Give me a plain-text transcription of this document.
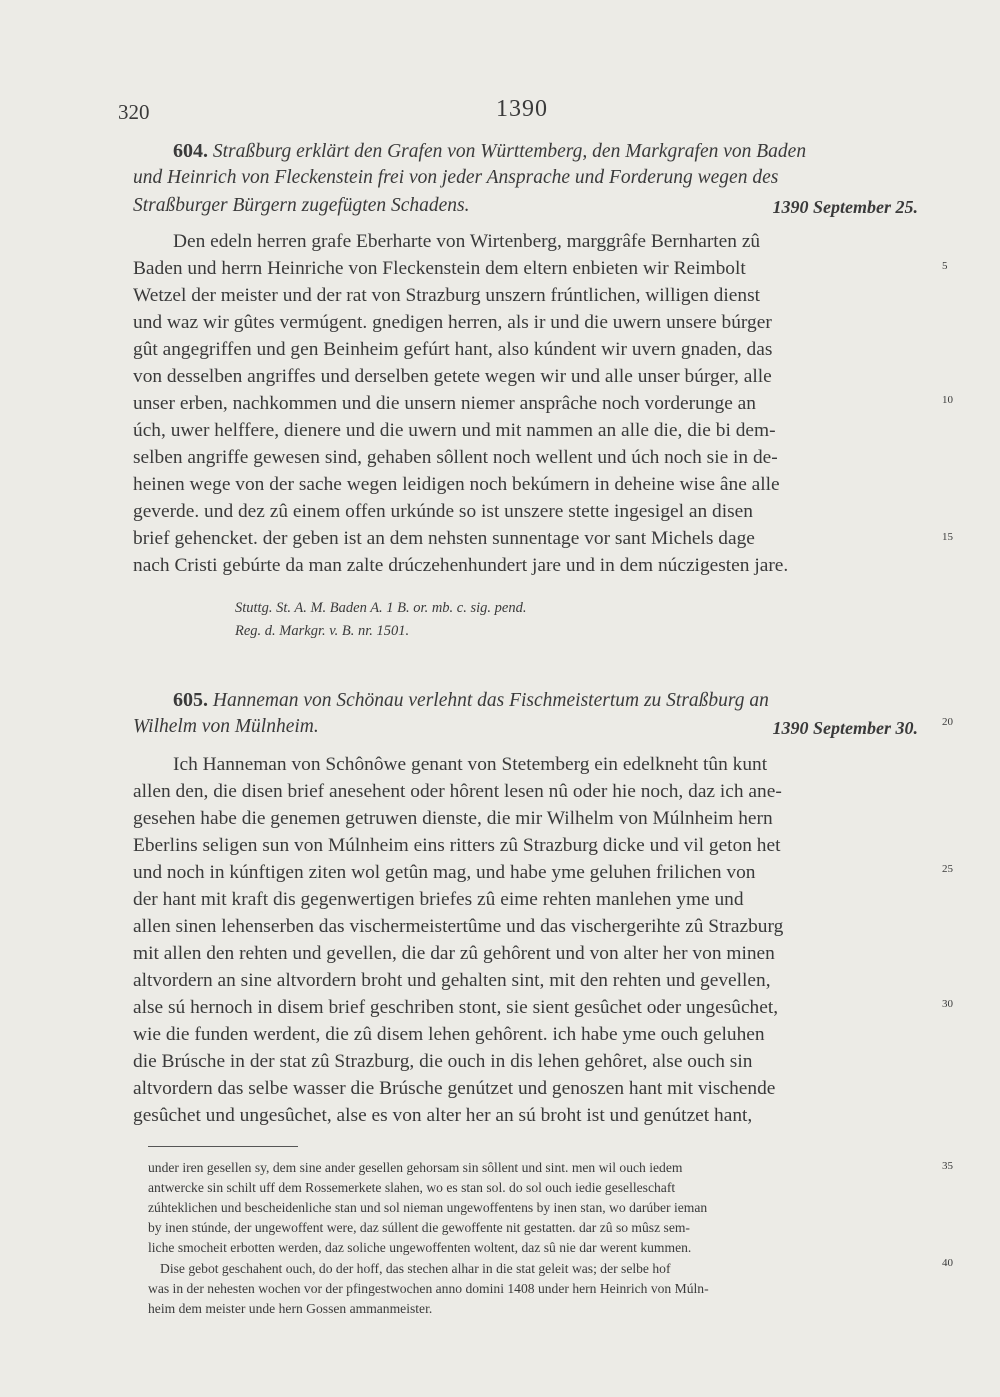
320	1390
604. Straßburg erklärt den Grafen von Württemberg, den Markgrafen von Baden
und Heinrich von Fleckenstein frei von jeder Ansprache und Forderung wegen des
Straßburger Bürgern zugefügten Schadens.	1390 September 25.
Den edeln herren grafe Eberharte von Wirtenberg, marggrâfe Bernharten zû
Baden und herrn Heinriche von Fleckenstein dem eltern enbieten wir Reimbolt
Wetzel der meister und der rat von Strazburg unszern frúntlichen, willigen dienst
und waz wir gûtes vermúgent. gnedigen herren, als ir und die uwern unsere búrger
gût angegriffen und gen Beinheim gefúrt hant, also kúndent wir uvern gnaden, das
von desselben angriffes und derselben getete wegen wir und alle unser búrger, alle
unser erben, nachkommen und die unsern niemer ansprâche noch vorderunge an
úch, uwer helffere, dienere und die uwern und mit nammen an alle die, die bi dem-
selben angriffe gewesen sind, gehaben sôllent noch wellent und úch noch sie in de-
heinen wege von der sache wegen leidigen noch bekúmern in deheine wise âne alle
geverde. und dez zû einem offen urkúnde so ist unszere stette ingesigel an disen
brief gehencket. der geben ist an dem nehsten sunnentage vor sant Michels dage
nach Cristi gebúrte da man zalte drúczehenhundert jare und in dem núczigesten jare.
Stuttg. St. A. M. Baden A. 1 B. or. mb. c. sig. pend.
Reg. d. Markgr. v. B. nr. 1501.
605. Hanneman von Schönau verlehnt das Fischmeistertum zu Straßburg an
Wilhelm von Mülnheim.	1390 September 30.
Ich Hanneman von Schônôwe genant von Stetemberg ein edelkneht tûn kunt
allen den, die disen brief anesehent oder hôrent lesen nû oder hie noch, daz ich ane-
gesehen habe die genemen getruwen dienste, die mir Wilhelm von Múlnheim hern
Eberlins seligen sun von Múlnheim eins ritters zû Strazburg dicke und vil geton het
und noch in kúnftigen ziten wol getûn mag, und habe yme geluhen frilichen von
der hant mit kraft dis gegenwertigen briefes zû eime rehten manlehen yme und
allen sinen lehenserben das vischermeistertûme und das vischergerihte zû Strazburg
mit allen den rehten und gevellen, die dar zû gehôrent und von alter her von minen
altvordern an sine altvordern broht und gehalten sint, mit den rehten und gevellen,
alse sú hernoch in disem brief geschriben stont, sie sient gesûchet oder ungesûchet,
wie die funden werdent, die zû disem lehen gehôrent. ich habe yme ouch geluhen
die Brúsche in der stat zû Strazburg, die ouch in dis lehen gehôret, alse ouch sin
altvordern das selbe wasser die Brúsche genútzet und genoszen hant mit vischende
gesûchet und ungesûchet, alse es von alter her an sú broht ist und genútzet hant,
under iren gesellen sy, dem sine ander gesellen gehorsam sin sôllent und sint. men wil ouch iedem
antwercke sin schilt uff dem Rossemerkete slahen, wo es stan sol. do sol ouch iedie geselleschaft
zúhteklichen und bescheidenliche stan und sol nieman ungewoffentens by inen stan, wo darúber ieman
by inen stúnde, der ungewoffent were, daz súllent die gewoffente nit gestatten. dar zû so mûsz sem-
liche smocheit erbotten werden, daz soliche ungewoffenten woltent, daz sû nie dar werent kummen.
Dise gebot geschahent ouch, do der hoff, das stechen alhar in die stat geleit was; der selbe hof
was in der nehesten wochen vor der pfingestwochen anno domini 1408 under hern Heinrich von Múln-
heim dem meister unde hern Gossen ammanmeister.
5
10
15
20
25
30
35
40
